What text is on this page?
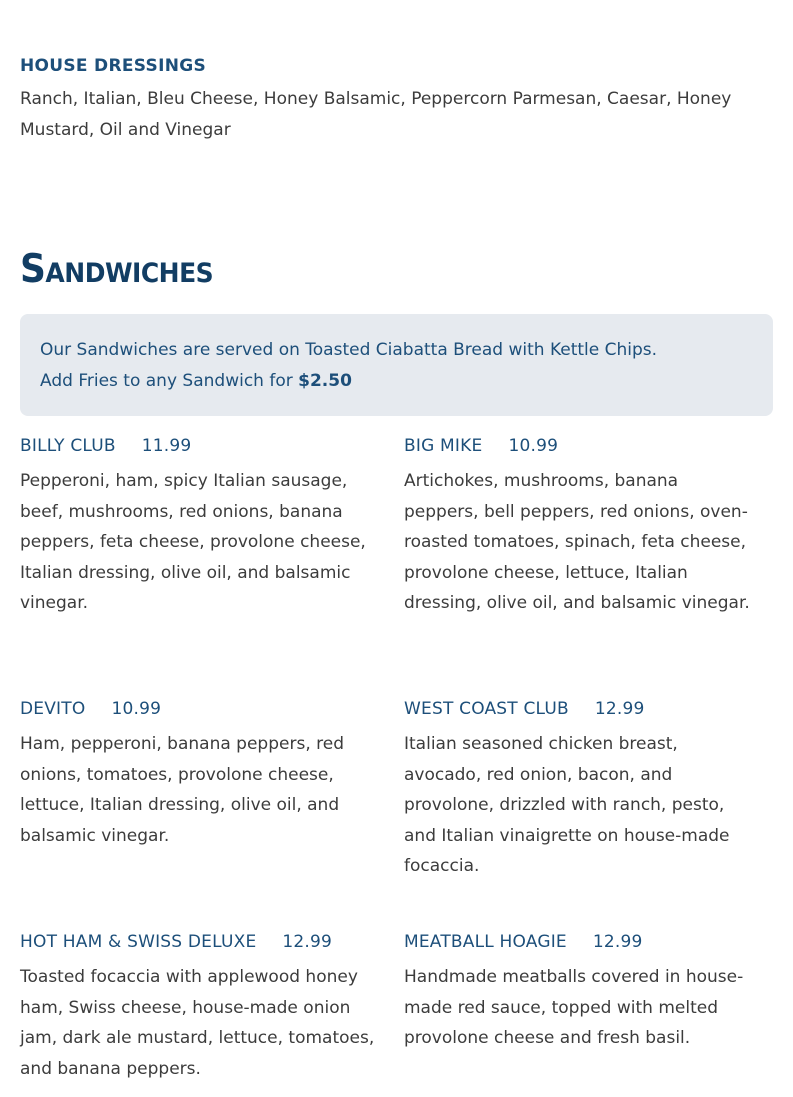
HOUSE DRESSINGS
Ranch, Italian, Bleu Cheese, Honey Balsamic, Peppercorn Parmesan, Caesar, Honey Mustard, Oil and Vinegar
Sandwiches
Our Sandwiches are served on Toasted Ciabatta Bread with Kettle Chips.
Add Fries to any Sandwich for $2.50
BILLY CLUB 11.99
Pepperoni, ham, spicy Italian sausage, beef, mushrooms, red onions, banana peppers, feta cheese, provolone cheese, Italian dressing, olive oil, and balsamic vinegar.
BIG MIKE 10.99
Artichokes, mushrooms, banana peppers, bell peppers, red onions, oven-roasted tomatoes, spinach, feta cheese, provolone cheese, lettuce, Italian dressing, olive oil, and balsamic vinegar.
DEVITO 10.99
Ham, pepperoni, banana peppers, red onions, tomatoes, provolone cheese, lettuce, Italian dressing, olive oil, and balsamic vinegar.
WEST COAST CLUB 12.99
Italian seasoned chicken breast, avocado, red onion, bacon, and provolone, drizzled with ranch, pesto, and Italian vinaigrette on house-made focaccia.
HOT HAM & SWISS DELUXE 12.99
Toasted focaccia with applewood honey ham, Swiss cheese, house-made onion jam, dark ale mustard, lettuce, tomatoes, and banana peppers.
MEATBALL HOAGIE 12.99
Handmade meatballs covered in house-made red sauce, topped with melted provolone cheese and fresh basil.
